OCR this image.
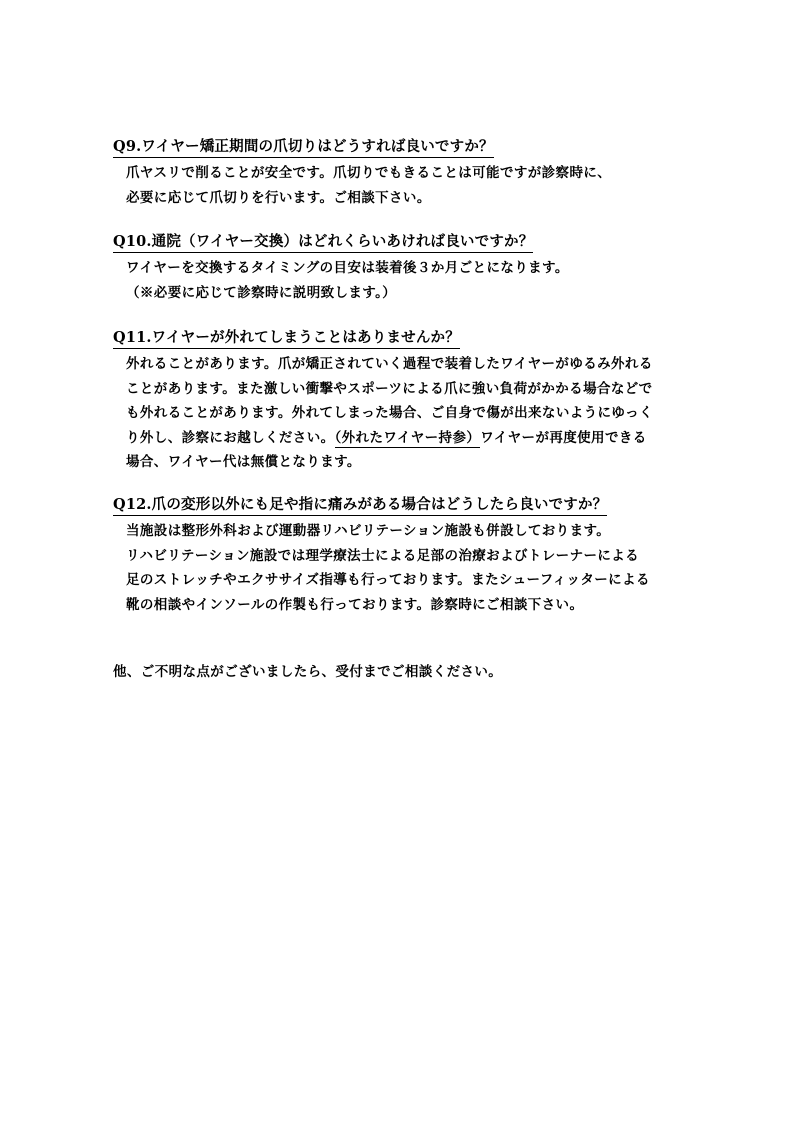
Q9.ワイヤー矯正期間の爪切りはどうすれば良いですか？
爪ヤスリで削ることが安全です。爪切りでもきることは可能ですが診察時に、
必要に応じて爪切りを行います。ご相談下さい。
Q10.通院（ワイヤー交換）はどれくらいあければ良いですか？
ワイヤーを交換するタイミングの目安は装着後３か月ごとになります。
（※必要に応じて診察時に説明致します。）
Q11.ワイヤーが外れてしまうことはありませんか？
外れることがあります。爪が矯正されていく過程で装着したワイヤーがゆるみ外れる
ことがあります。また激しい衝撃やスポーツによる爪に強い負荷がかかる場合などで
も外れることがあります。外れてしまった場合、ご自身で傷が出来ないようにゆっく
り外し、診察にお越しください。（外れたワイヤー持参）ワイヤーが再度使用できる
場合、ワイヤー代は無償となります。
Q12.爪の変形以外にも足や指に痛みがある場合はどうしたら良いですか？
当施設は整形外科および運動器リハビリテーション施設も併設しております。
リハビリテーション施設では理学療法士による足部の治療およびトレーナーによる
足のストレッチやエクササイズ指導も行っております。またシューフィッターによる
靴の相談やインソールの作製も行っております。診察時にご相談下さい。
他、ご不明な点がございましたら、受付までご相談ください。
